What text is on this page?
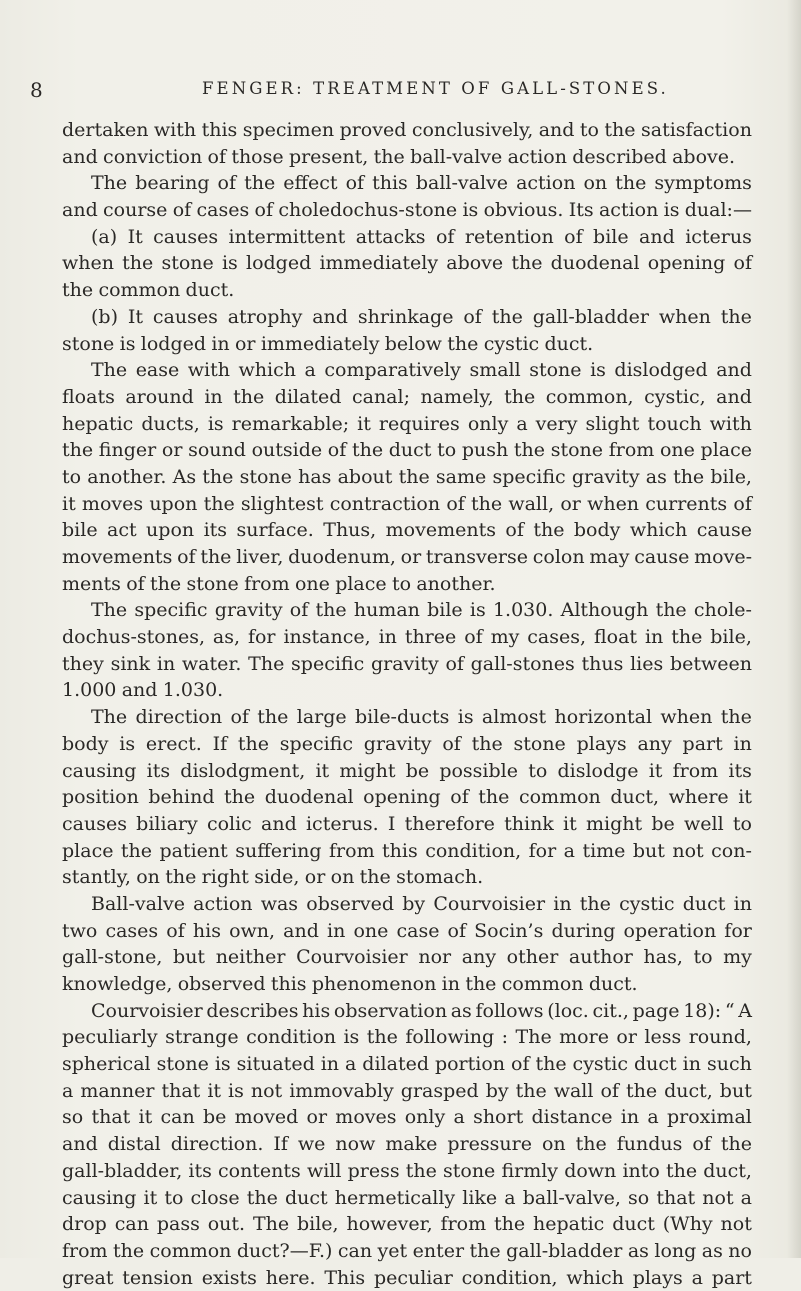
8	FENGER: TREATMENT OF GALL-STONES.
dertaken with this specimen proved conclusively, and to the satisfaction
and conviction of those present, the ball-valve action described above.
The bearing of the effect of this ball-valve action on the symptoms
and course of cases of choledochus-stone is obvious. Its action is dual:—
(a) It causes intermittent attacks of retention of bile and icterus
when the stone is lodged immediately above the duodenal opening of
the common duct.
(b) It causes atrophy and shrinkage of the gall-bladder when the
stone is lodged in or immediately below the cystic duct.
The ease with which a comparatively small stone is dislodged and
floats around in the dilated canal; namely, the common, cystic, and
hepatic ducts, is remarkable; it requires only a very slight touch with
the finger or sound outside of the duct to push the stone from one place
to another. As the stone has about the same specific gravity as the bile,
it moves upon the slightest contraction of the wall, or when currents of
bile act upon its surface. Thus, movements of the body which cause
movements of the liver, duodenum, or transverse colon may cause move-
ments of the stone from one place to another.
The specific gravity of the human bile is 1.030. Although the chole-
dochus-stones, as, for instance, in three of my cases, float in the bile,
they sink in water. The specific gravity of gall-stones thus lies between
1.000 and 1.030.
The direction of the large bile-ducts is almost horizontal when the
body is erect. If the specific gravity of the stone plays any part in
causing its dislodgment, it might be possible to dislodge it from its
position behind the duodenal opening of the common duct, where it
causes biliary colic and icterus. I therefore think it might be well to
place the patient suffering from this condition, for a time but not con-
stantly, on the right side, or on the stomach.
Ball-valve action was observed by Courvoisier in the cystic duct in
two cases of his own, and in one case of Socin’s during operation for
gall-stone, but neither Courvoisier nor any other author has, to my
knowledge, observed this phenomenon in the common duct.
Courvoisier describes his observation as follows (loc. cit., page 18): “ A
peculiarly strange condition is the following : The more or less round,
spherical stone is situated in a dilated portion of the cystic duct in such
a manner that it is not immovably grasped by the wall of the duct, but
so that it can be moved or moves only a short distance in a proximal
and distal direction. If we now make pressure on the fundus of the
gall-bladder, its contents will press the stone firmly down into the duct,
causing it to close the duct hermetically like a ball-valve, so that not a
drop can pass out. The bile, however, from the hepatic duct (Why not
from the common duct?—F.) can yet enter the gall-bladder as long as no
great tension exists here. This peculiar condition, which plays a part
